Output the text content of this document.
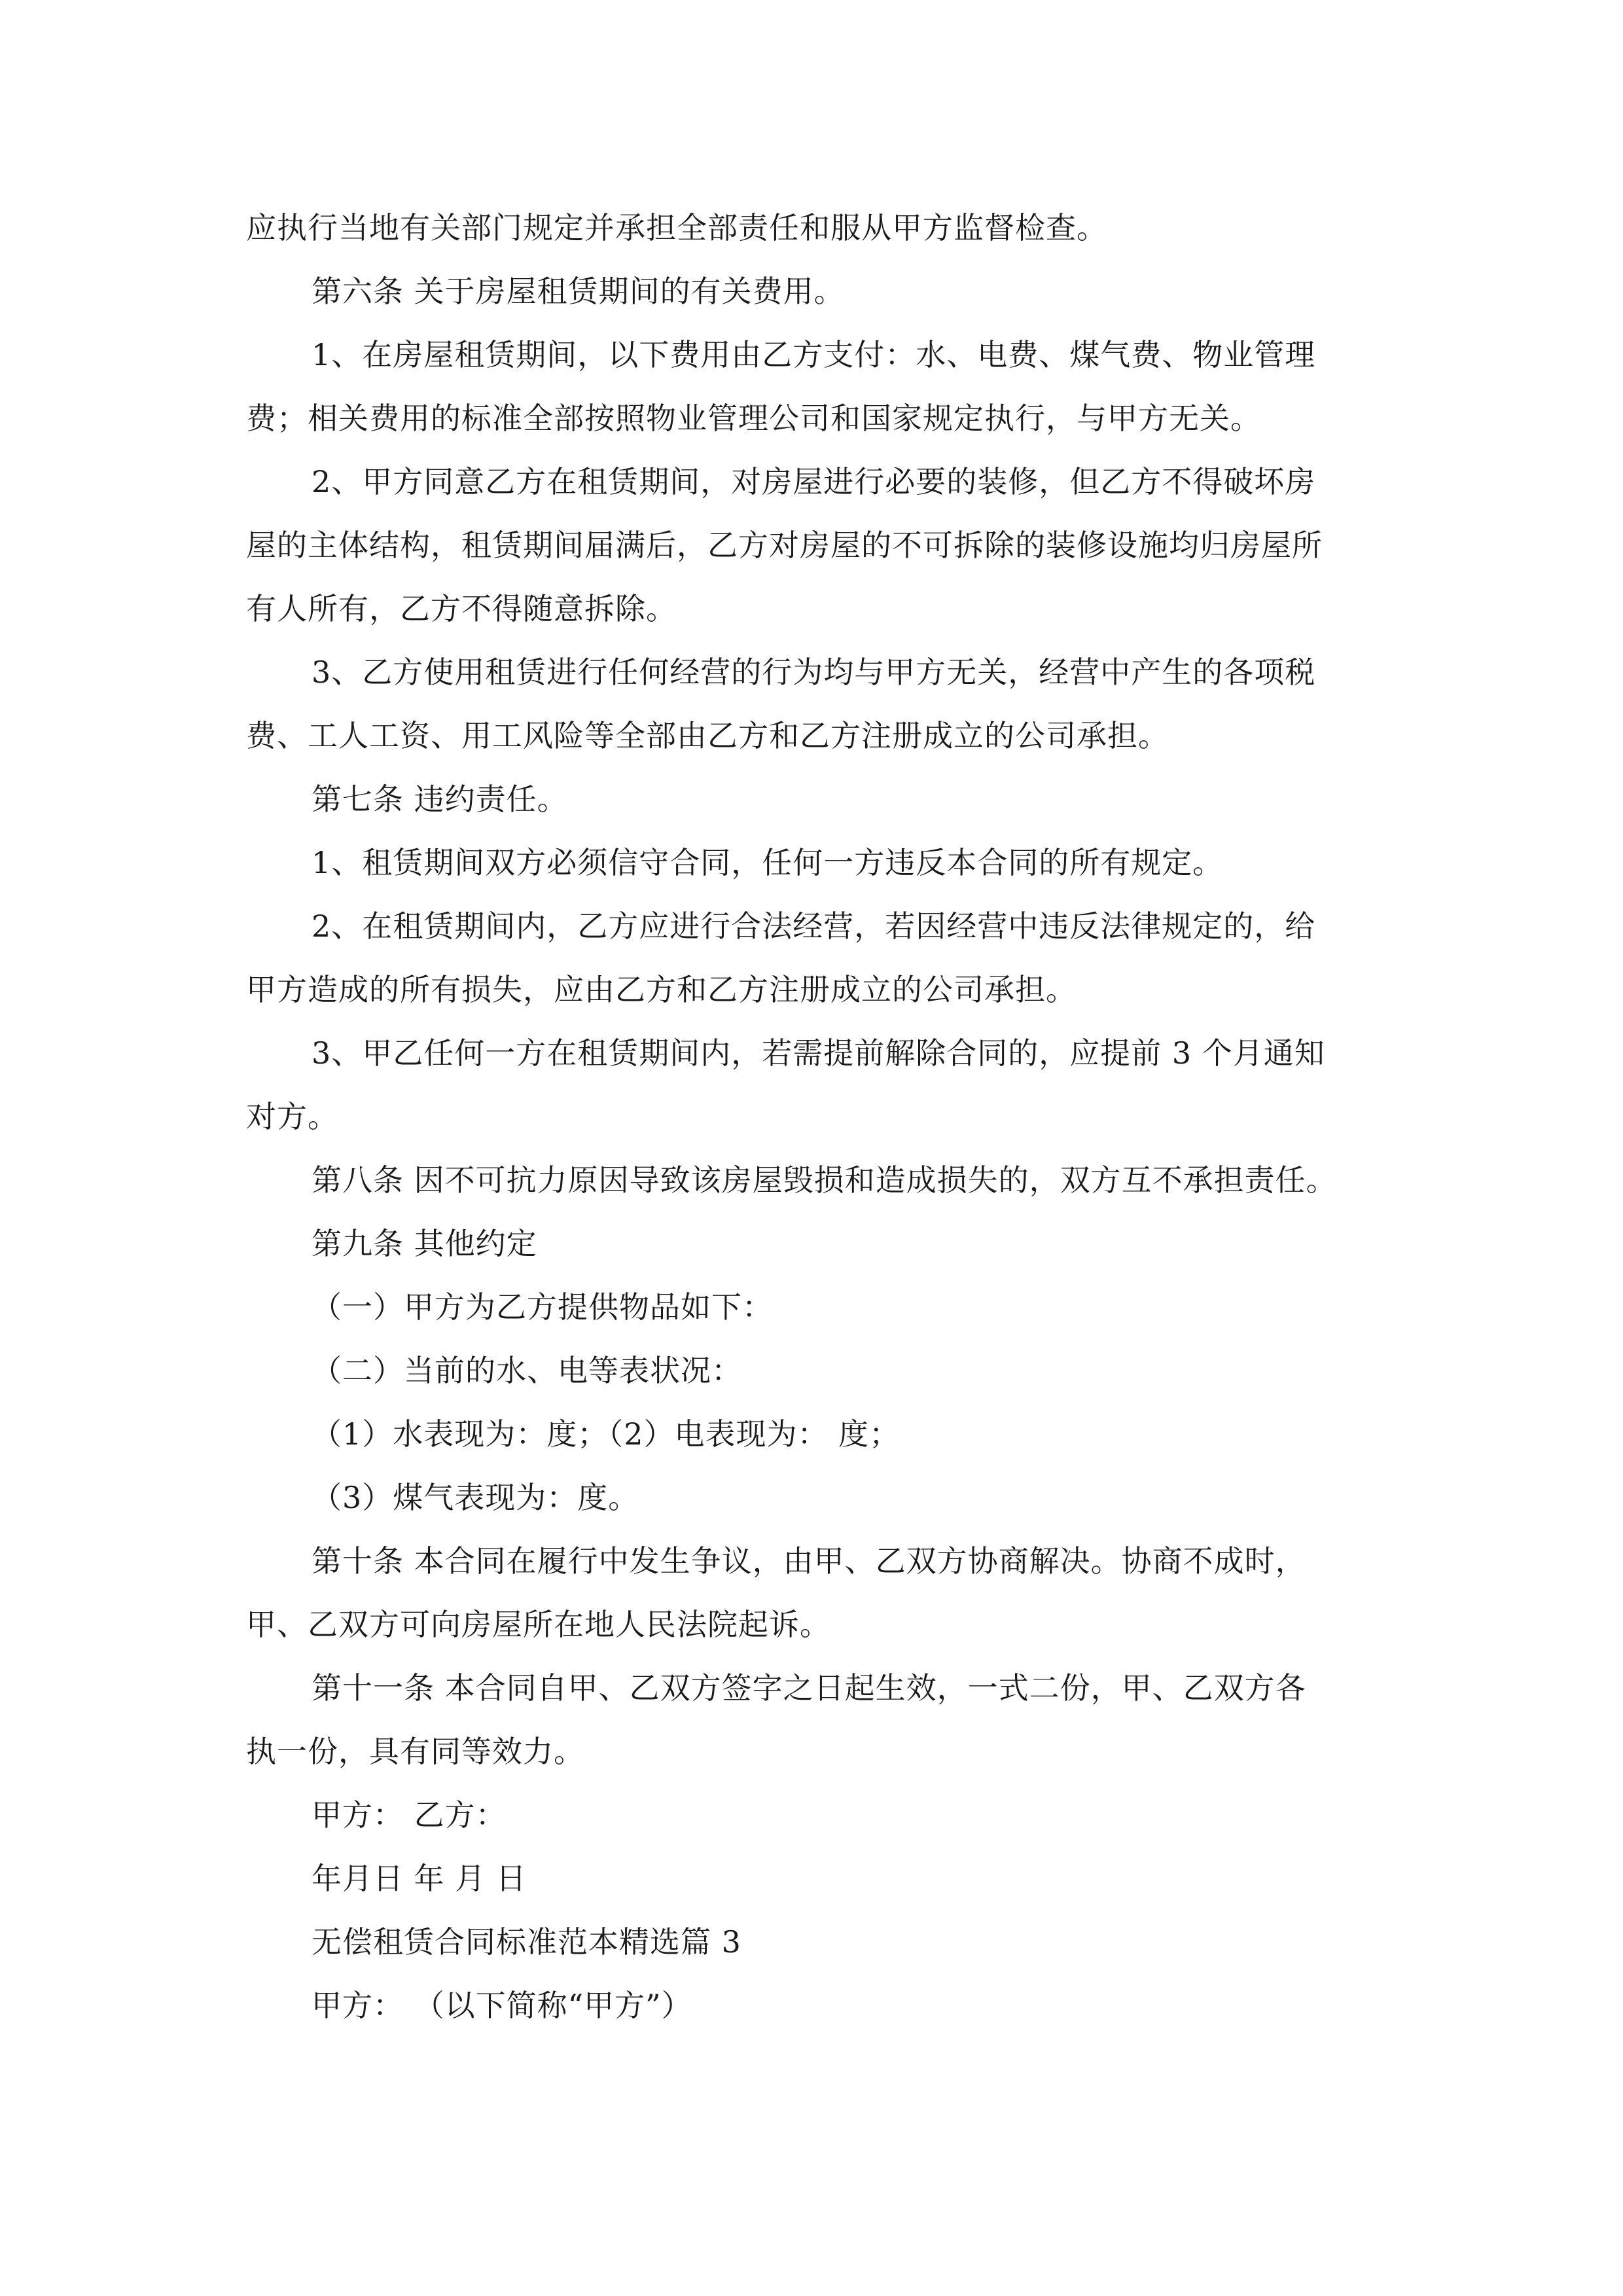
应执行当地有关部门规定并承担全部责任和服从甲方监督检查。
第六条 关于房屋租赁期间的有关费用。
1、在房屋租赁期间，以下费用由乙方支付：水、电费、煤气费、物业管理
费；相关费用的标准全部按照物业管理公司和国家规定执行，与甲方无关。
2、甲方同意乙方在租赁期间，对房屋进行必要的装修，但乙方不得破坏房
屋的主体结构，租赁期间届满后，乙方对房屋的不可拆除的装修设施均归房屋所
有人所有，乙方不得随意拆除。
3、乙方使用租赁进行任何经营的行为均与甲方无关，经营中产生的各项税
费、工人工资、用工风险等全部由乙方和乙方注册成立的公司承担。
第七条 违约责任。
1、租赁期间双方必须信守合同，任何一方违反本合同的所有规定。
2、在租赁期间内，乙方应进行合法经营，若因经营中违反法律规定的，给
甲方造成的所有损失，应由乙方和乙方注册成立的公司承担。
3、甲乙任何一方在租赁期间内，若需提前解除合同的，应提前 3 个月通知
对方。
第八条 因不可抗力原因导致该房屋毁损和造成损失的，双方互不承担责任。
第九条 其他约定
（一）甲方为乙方提供物品如下：
（二）当前的水、电等表状况：
（1）水表现为：度；（2）电表现为： 度；
（3）煤气表现为：度。
第十条 本合同在履行中发生争议，由甲、乙双方协商解决。协商不成时，
甲、乙双方可向房屋所在地人民法院起诉。
第十一条 本合同自甲、乙双方签字之日起生效，一式二份，甲、乙双方各
执一份，具有同等效力。
甲方： 乙方：
年月日 年 月 日
无偿租赁合同标准范本精选篇 3
甲方： （以下简称“甲方”）
